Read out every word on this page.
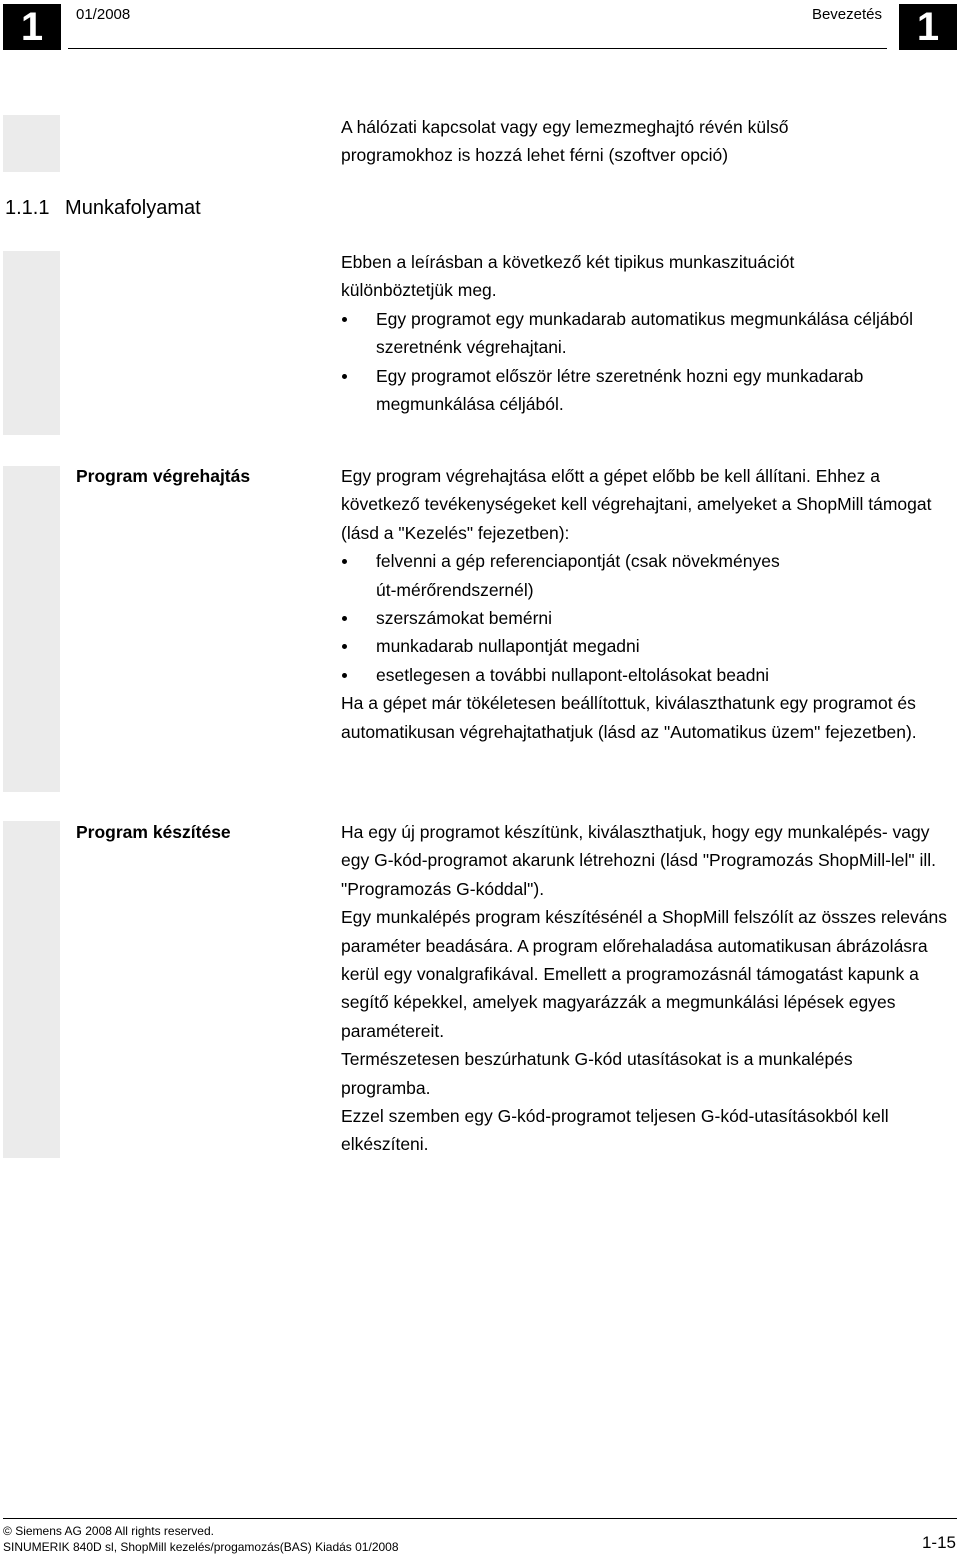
1	01/2008	Bevezetés 1

A hálózati kapcsolat vagy egy lemezmeghajtó révén külső programokhoz is hozzá lehet férni (szoftver opció)

1.1.1 Munkafolyamat

Ebben a leírásban a következő két tipikus munkaszituációt különböztetjük meg.

Egy programot egy munkadarab automatikus megmunkálása céljából szeretnénk végrehajtani.
Egy programot először létre szeretnénk hozni egy munkadarab megmunkálása céljából.
Program végrehajtás	Egy program végrehajtása előtt a gépet előbb be kell állítani. Ehhez a következő tevékenységeket kell végrehajtani, amelyeket a ShopMill támogat (lásd a "Kezelés" fejezetben):

felvenni a gép referenciapontját (csak növekményes út-mérőrendszernél)
szerszámokat bemérni
munkadarab nullapontját megadni
esetlegesen a további nullapont-eltolásokat beadni

Ha a gépet már tökéletesen beállítottuk, kiválaszthatunk egy programot és automatikusan végrehajtathatjuk (lásd az "Automatikus üzem" fejezetben).

Program készítése	Ha egy új programot készítünk, kiválaszthatjuk, hogy egy munkalépés- vagy egy G-kód-programot akarunk létrehozni (lásd "Programozás ShopMill-lel" ill. "Programozás G-kóddal").

Egy munkalépés program készítésénél a ShopMill felszólít az összes releváns paraméter beadására. A program előrehaladása automatikusan ábrázolásra kerül egy vonalgrafikával. Emellett a programozásnál támogatást kapunk a segítő képekkel, amelyek magyarázzák a megmunkálási lépések egyes paramétereit.

Természetesen beszúrhatunk G-kód utasításokat is a munkalépés programba.

Ezzel szemben egy G-kód-programot teljesen G-kód-utasításokból kell elkészíteni.

© Siemens AG 2008 All rights reserved.
SINUMERIK 840D sl, ShopMill kezelés/progamozás(BAS) Kiadás 01/2008	1-15
